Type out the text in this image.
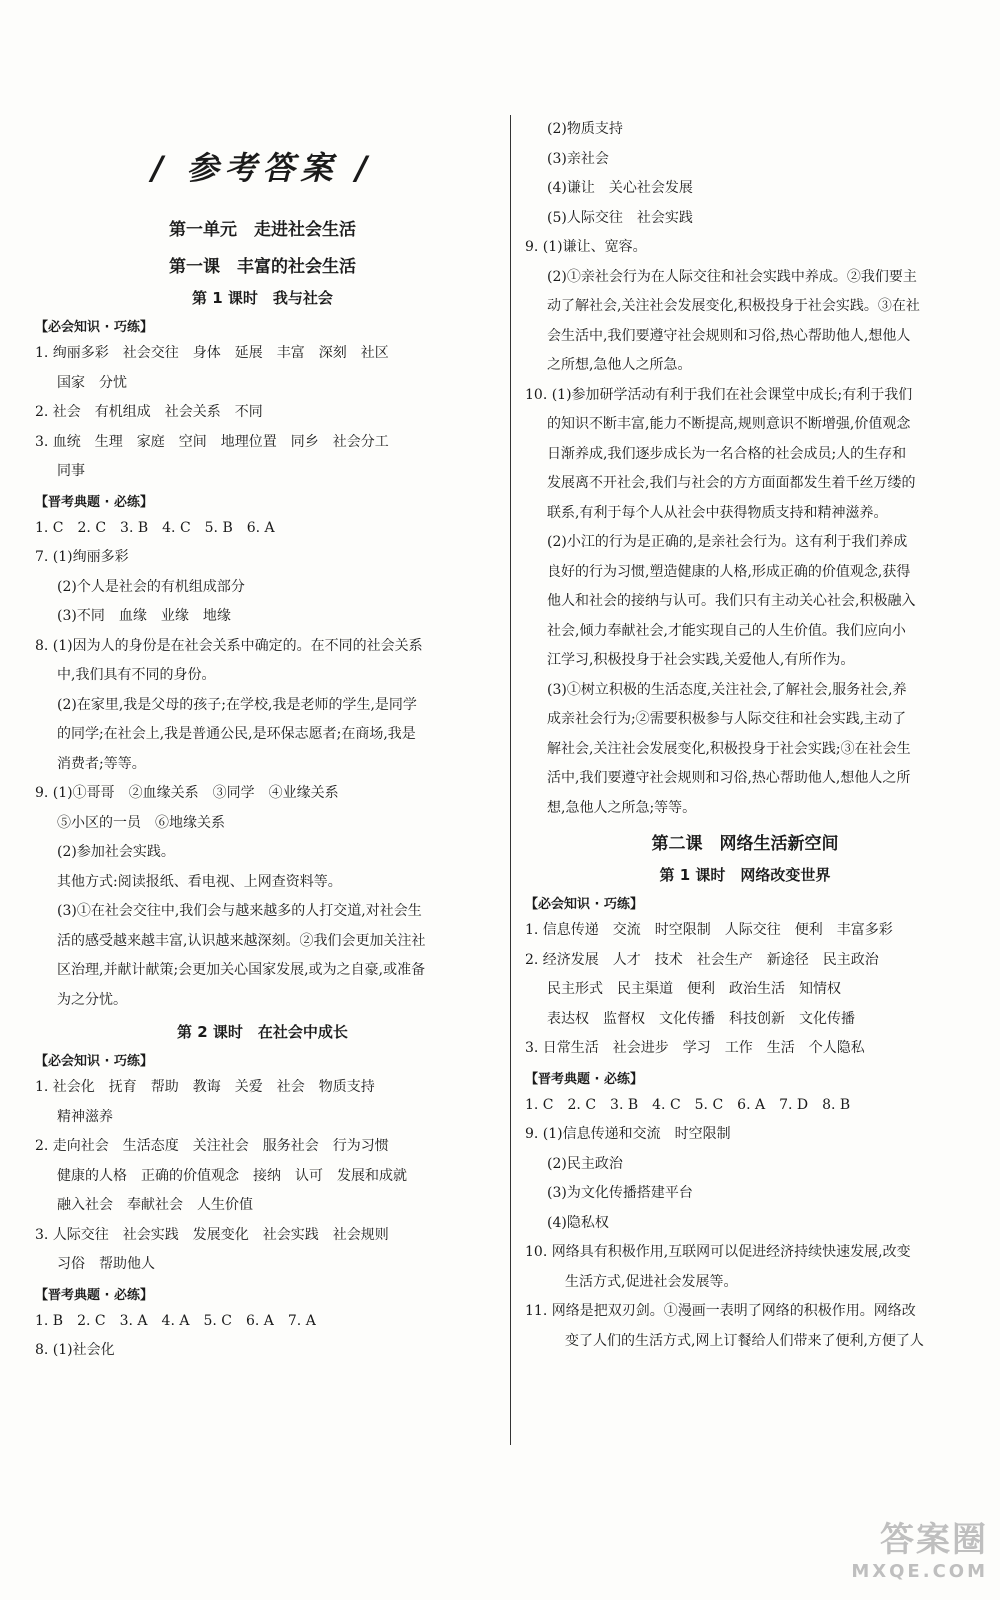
/ 参考答案 /
第一单元　走进社会生活
第一课　丰富的社会生活
第 1 课时　我与社会
【必会知识 · 巧练】
1. 绚丽多彩　社会交往　身体　延展　丰富　深刻　社区
国家　分忧
2. 社会　有机组成　社会关系　不同
3. 血统　生理　家庭　空间　地理位置　同乡　社会分工
同事
【晋考典题 · 必练】
1. C　2. C　3. B　4. C　5. B　6. A
7. (1)绚丽多彩
(2)个人是社会的有机组成部分
(3)不同　血缘　业缘　地缘
8. (1)因为人的身份是在社会关系中确定的。在不同的社会关系
中,我们具有不同的身份。
(2)在家里,我是父母的孩子;在学校,我是老师的学生,是同学
的同学;在社会上,我是普通公民,是环保志愿者;在商场,我是
消费者;等等。
9. (1)①哥哥　②血缘关系　③同学　④业缘关系
⑤小区的一员　⑥地缘关系
(2)参加社会实践。
其他方式:阅读报纸、看电视、上网查资料等。
(3)①在社会交往中,我们会与越来越多的人打交道,对社会生
活的感受越来越丰富,认识越来越深刻。②我们会更加关注社
区治理,并献计献策;会更加关心国家发展,或为之自豪,或准备
为之分忧。
第 2 课时　在社会中成长
【必会知识 · 巧练】
1. 社会化　抚育　帮助　教诲　关爱　社会　物质支持
精神滋养
2. 走向社会　生活态度　关注社会　服务社会　行为习惯
健康的人格　正确的价值观念　接纳　认可　发展和成就
融入社会　奉献社会　人生价值
3. 人际交往　社会实践　发展变化　社会实践　社会规则
习俗　帮助他人
【晋考典题 · 必练】
1. B　2. C　3. A　4. A　5. C　6. A　7. A
8. (1)社会化
(2)物质支持
(3)亲社会
(4)谦让　关心社会发展
(5)人际交往　社会实践
9. (1)谦让、宽容。
(2)①亲社会行为在人际交往和社会实践中养成。②我们要主
动了解社会,关注社会发展变化,积极投身于社会实践。③在社
会生活中,我们要遵守社会规则和习俗,热心帮助他人,想他人
之所想,急他人之所急。
10. (1)参加研学活动有利于我们在社会课堂中成长;有利于我们
的知识不断丰富,能力不断提高,规则意识不断增强,价值观念
日渐养成,我们逐步成长为一名合格的社会成员;人的生存和
发展离不开社会,我们与社会的方方面面都发生着千丝万缕的
联系,有利于每个人从社会中获得物质支持和精神滋养。
(2)小江的行为是正确的,是亲社会行为。这有利于我们养成
良好的行为习惯,塑造健康的人格,形成正确的价值观念,获得
他人和社会的接纳与认可。我们只有主动关心社会,积极融入
社会,倾力奉献社会,才能实现自己的人生价值。我们应向小
江学习,积极投身于社会实践,关爱他人,有所作为。
(3)①树立积极的生活态度,关注社会,了解社会,服务社会,养
成亲社会行为;②需要积极参与人际交往和社会实践,主动了
解社会,关注社会发展变化,积极投身于社会实践;③在社会生
活中,我们要遵守社会规则和习俗,热心帮助他人,想他人之所
想,急他人之所急;等等。
第二课　网络生活新空间
第 1 课时　网络改变世界
【必会知识 · 巧练】
1. 信息传递　交流　时空限制　人际交往　便利　丰富多彩
2. 经济发展　人才　技术　社会生产　新途径　民主政治
民主形式　民主渠道　便利　政治生活　知情权
表达权　监督权　文化传播　科技创新　文化传播
3. 日常生活　社会进步　学习　工作　生活　个人隐私
【晋考典题 · 必练】
1. C　2. C　3. B　4. C　5. C　6. A　7. D　8. B
9. (1)信息传递和交流　时空限制
(2)民主政治
(3)为文化传播搭建平台
(4)隐私权
10. 网络具有积极作用,互联网可以促进经济持续快速发展,改变
生活方式,促进社会发展等。
11. 网络是把双刃剑。①漫画一表明了网络的积极作用。网络改
变了人们的生活方式,网上订餐给人们带来了便利,方便了人
答案圈
MXQE.COM
